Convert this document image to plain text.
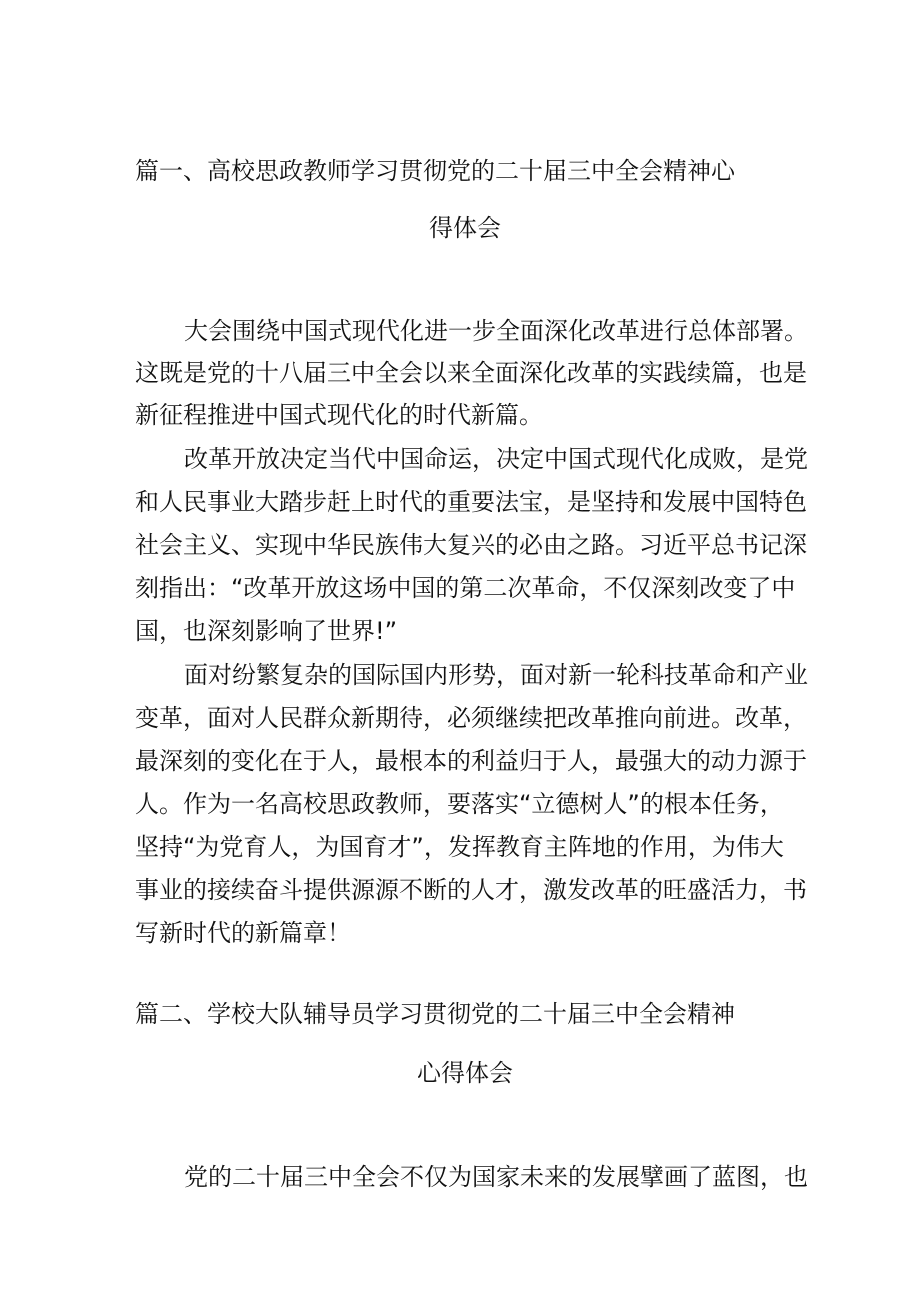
篇一、高校思政教师学习贯彻党的二十届三中全会精神心
得体会
大会围绕中国式现代化进一步全面深化改革进行总体部署。
这既是党的十八届三中全会以来全面深化改革的实践续篇，也是
新征程推进中国式现代化的时代新篇。
改革开放决定当代中国命运，决定中国式现代化成败，是党
和人民事业大踏步赶上时代的重要法宝，是坚持和发展中国特色
社会主义、实现中华民族伟大复兴的必由之路。习近平总书记深
刻指出：“改革开放这场中国的第二次革命，不仅深刻改变了中
国，也深刻影响了世界!”
面对纷繁复杂的国际国内形势，面对新一轮科技革命和产业
变革，面对人民群众新期待，必须继续把改革推向前进。改革，
最深刻的变化在于人，最根本的利益归于人，最强大的动力源于
人。作为一名高校思政教师，要落实“立德树人”的根本任务，
坚持“为党育人，为国育才”，发挥教育主阵地的作用，为伟大
事业的接续奋斗提供源源不断的人才，激发改革的旺盛活力，书
写新时代的新篇章！
篇二、学校大队辅导员学习贯彻党的二十届三中全会精神
心得体会
党的二十届三中全会不仅为国家未来的发展擘画了蓝图，也
